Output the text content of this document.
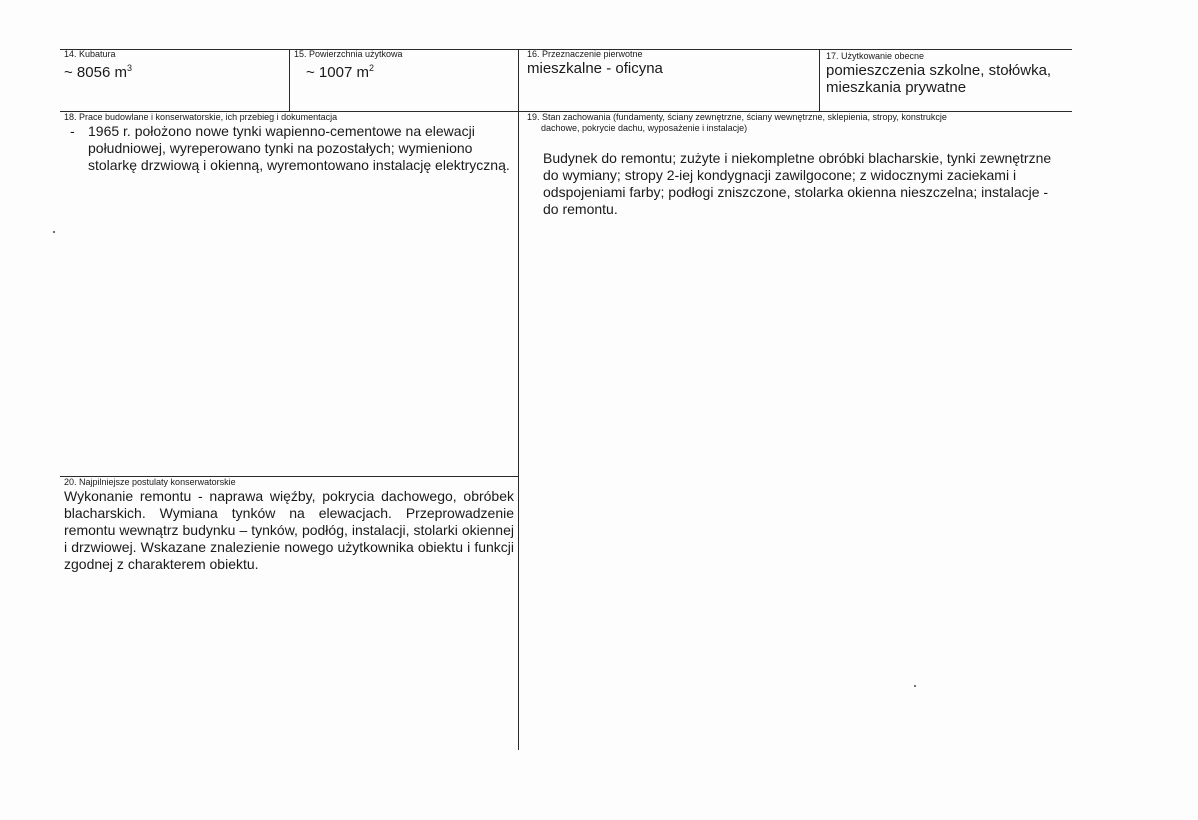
14. Kubatura
~ 8056 $m^3$
15. Powierzchnia użytkowa
~ 1007 $m^2$
16. Przeznaczenie pierwotne
mieszkalne - oficyna
17. Użytkowanie obecne
pomieszczenia szkolne, stołówka,
mieszkania prywatne
18. Prace budowlane i konserwatorskie, ich przebieg i dokumentacja
- 1965 r. położono nowe tynki wapienno-cementowe na elewacji południowej, wyreperowano tynki na pozostałych; wymieniono stolarkę drzwiową i okienną, wyremontowano instalację elektryczną.
19. Stan zachowania (fundamenty, ściany zewnętrzne, ściany wewnętrzne, sklepienia, stropy, konstrukcje
dachowe, pokrycie dachu, wyposażenie i instalacje)
Budynek do remontu; zużyte i niekompletne obróbki blacharskie, tynki zewnętrzne do wymiany; stropy 2-iej kondygnacji zawilgocone; z widocznymi zaciekami i odspojeniami farby; podłogi zniszczone, stolarka okienna nieszczelna; instalacje - do remontu.
20. Najpilniejsze postulaty konserwatorskie
Wykonanie remontu - naprawa więźby, pokrycia dachowego, obróbek blacharskich. Wymiana tynków na elewacjach. Przeprowadzenie remontu wewnątrz budynku – tynków, podłóg, instalacji, stolarki okiennej i drzwiowej. Wskazane znalezienie nowego użytkownika obiektu i funkcji zgodnej z charakterem obiektu.
